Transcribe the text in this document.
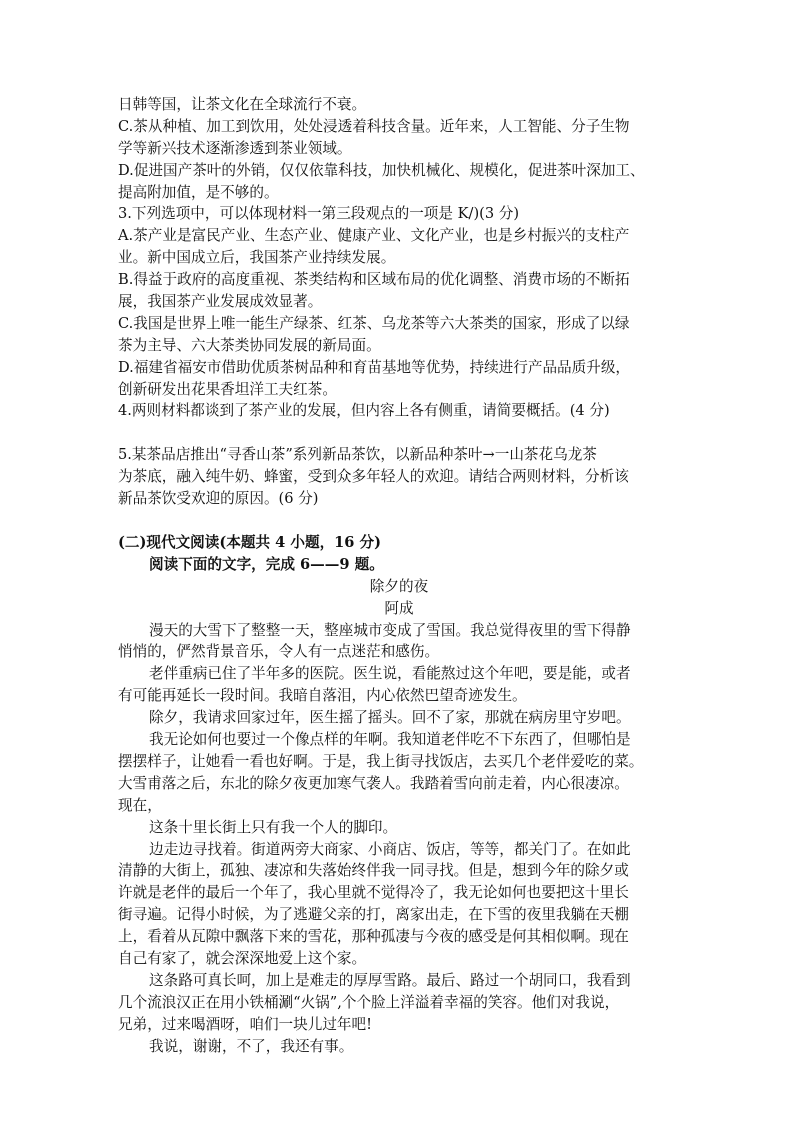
日韩等国，让茶文化在全球流行不衰。
C.茶从种植、加工到饮用，处处浸透着科技含量。近年来，人工智能、分子生物
学等新兴技术逐渐渗透到茶业领域。
D.促进国产茶叶的外销，仅仅依靠科技，加快机械化、规模化，促进茶叶深加工、
提高附加值，是不够的。
3.下列选项中，可以体现材料一第三段观点的一项是 K/)(3 分)
A.茶产业是富民产业、生态产业、健康产业、文化产业，也是乡村振兴的支柱产
业。新中国成立后，我国茶产业持续发展。
B.得益于政府的高度重视、茶类结构和区域布局的优化调整、消费市场的不断拓
展，我国茶产业发展成效显著。
C.我国是世界上唯一能生产绿茶、红茶、乌龙茶等六大茶类的国家，形成了以绿
茶为主导、六大茶类协同发展的新局面。
D.福建省福安市借助优质茶树品种和育苗基地等优势，持续进行产品品质升级，
创新研发出花果香坦洋工夫红茶。
4.两则材料都谈到了茶产业的发展，但内容上各有侧重，请简要概括。(4 分)
5.某茶品店推出“寻香山茶”系列新品茶饮，以新品种茶叶→一山茶花乌龙茶
为茶底，融入纯牛奶、蜂蜜，受到众多年轻人的欢迎。请结合两则材料，分析该
新品茶饮受欢迎的原因。(6 分)
(二)现代文阅读(本题共 4 小题，16 分)
阅读下面的文字，完成 6——9 题。
除夕的夜
阿成
漫天的大雪下了整整一天，整座城市变成了雪国。我总觉得夜里的雪下得静
悄悄的，俨然背景音乐，令人有一点迷茫和感伤。
老伴重病已住了半年多的医院。医生说，看能熬过这个年吧，要是能，或者
有可能再延长一段时间。我暗自落泪，内心依然巴望奇迹发生。
除夕，我请求回家过年，医生摇了摇头。回不了家，那就在病房里守岁吧。
我无论如何也要过一个像点样的年啊。我知道老伴吃不下东西了，但哪怕是
摆摆样子，让她看一看也好啊。于是，我上街寻找饭店，去买几个老伴爱吃的菜。
大雪甫落之后，东北的除夕夜更加寒气袭人。我踏着雪向前走着，内心很凄凉。
现在，
这条十里长街上只有我一个人的脚印。
边走边寻找着。街道两旁大商家、小商店、饭店，等等，都关门了。在如此
清静的大街上，孤独、凄凉和失落始终伴我一同寻找。但是，想到今年的除夕或
许就是老伴的最后一个年了，我心里就不觉得冷了，我无论如何也要把这十里长
街寻遍。记得小时候，为了逃避父亲的打，离家出走，在下雪的夜里我躺在天棚
上，看着从瓦隙中飘落下来的雪花，那种孤凄与今夜的感受是何其相似啊。现在
自己有家了，就会深深地爱上这个家。
这条路可真长呵，加上是难走的厚厚雪路。最后、路过一个胡同口，我看到
几个流浪汉正在用小铁桶涮“火锅”,个个脸上洋溢着幸福的笑容。他们对我说，
兄弟，过来喝酒呀，咱们一块儿过年吧!
我说，谢谢，不了，我还有事。
